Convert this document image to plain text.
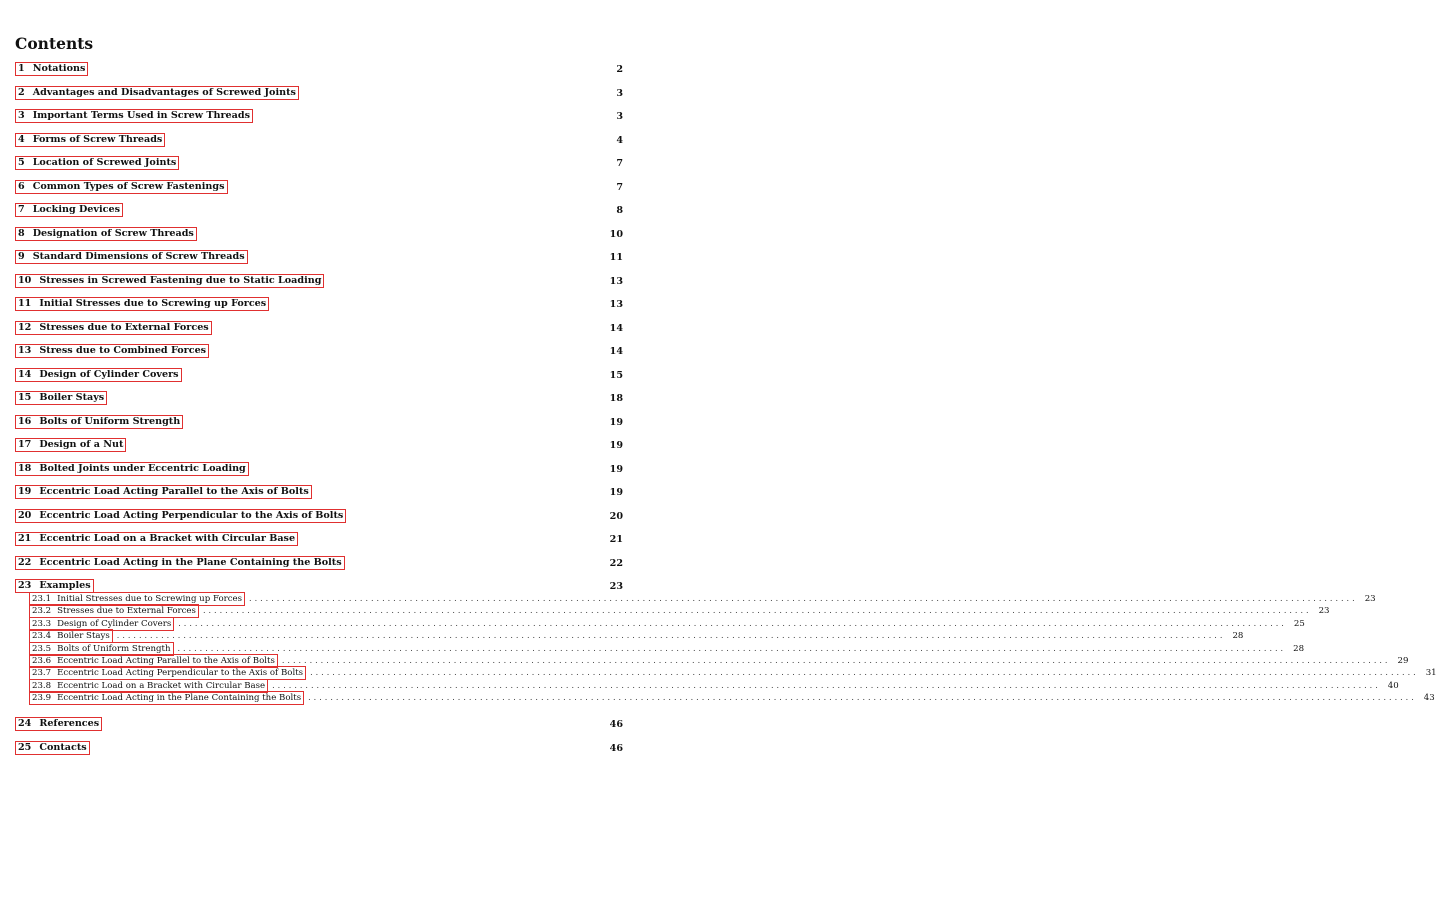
Contents
1 Notations	2
2 Advantages and Disadvantages of Screwed Joints	3
3 Important Terms Used in Screw Threads	3
4 Forms of Screw Threads	4
5 Location of Screwed Joints	7
6 Common Types of Screw Fastenings	7
7 Locking Devices	8
8 Designation of Screw Threads	10
9 Standard Dimensions of Screw Threads	11
10 Stresses in Screwed Fastening due to Static Loading	13
11 Initial Stresses due to Screwing up Forces	13
12 Stresses due to External Forces	14
13 Stress due to Combined Forces	14
14 Design of Cylinder Covers	15
15 Boiler Stays	18
16 Bolts of Uniform Strength	19
17 Design of a Nut	19
18 Bolted Joints under Eccentric Loading	19
19 Eccentric Load Acting Parallel to the Axis of Bolts	19
20 Eccentric Load Acting Perpendicular to the Axis of Bolts	20
21 Eccentric Load on a Bracket with Circular Base	21
22 Eccentric Load Acting in the Plane Containing the Bolts	22
23 Examples	23
23.1 Initial Stresses due to Screwing up Forces ........................................................................................................................................................................................................ 23
23.2 Stresses due to External Forces ........................................................................................................................................................................................................ 23
23.3 Design of Cylinder Covers ........................................................................................................................................................................................................ 25
23.4 Boiler Stays ........................................................................................................................................................................................................ 28
23.5 Bolts of Uniform Strength ........................................................................................................................................................................................................ 28
23.6 Eccentric Load Acting Parallel to the Axis of Bolts ........................................................................................................................................................................................................ 29
23.7 Eccentric Load Acting Perpendicular to the Axis of Bolts ........................................................................................................................................................................................................ 31
23.8 Eccentric Load on a Bracket with Circular Base ........................................................................................................................................................................................................ 40
23.9 Eccentric Load Acting in the Plane Containing the Bolts ........................................................................................................................................................................................................ 43
24 References	46
25 Contacts	46
